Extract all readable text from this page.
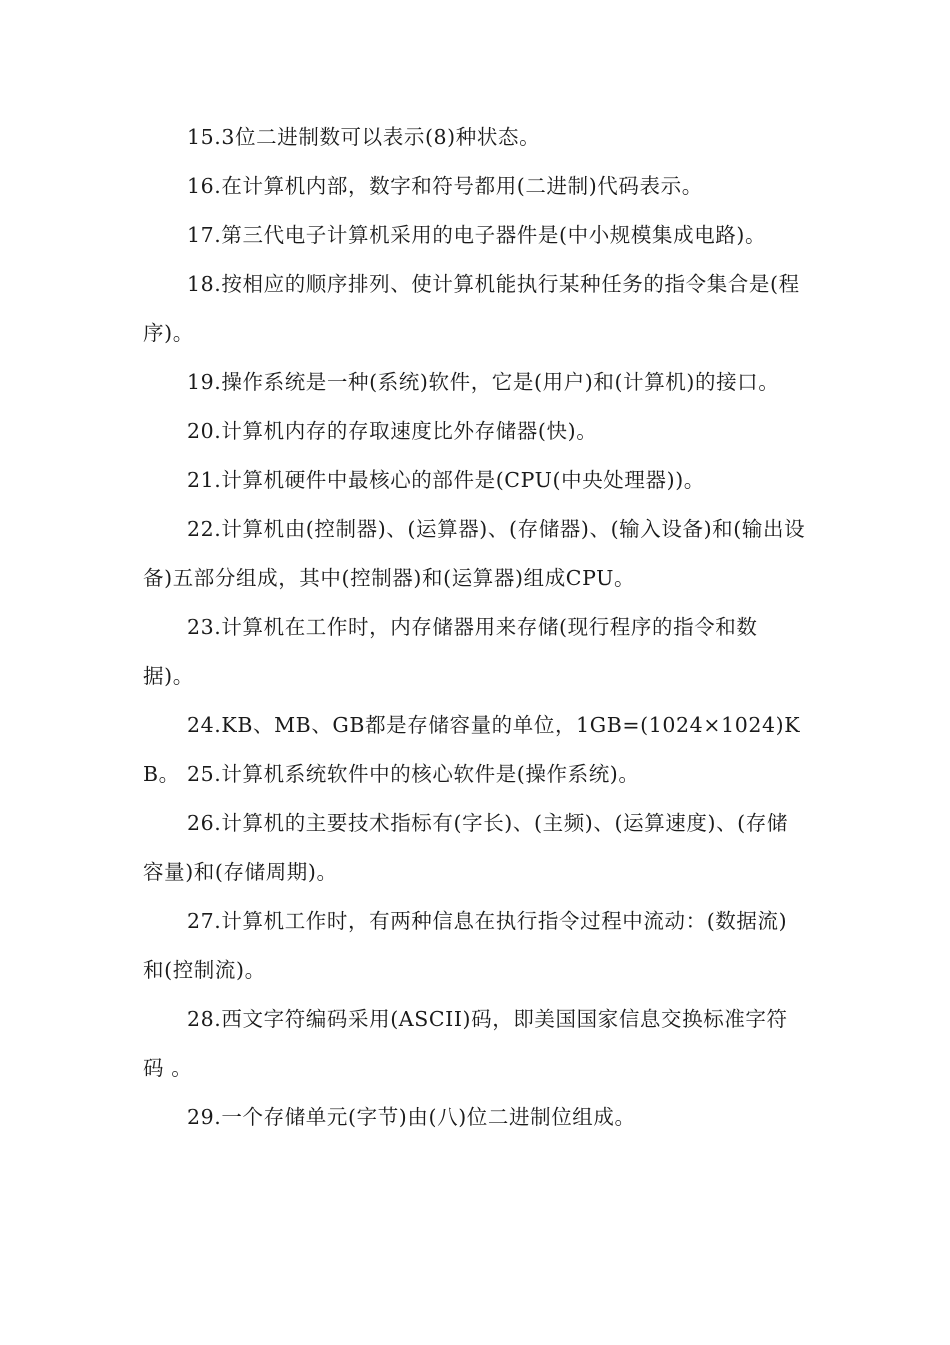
15.3位二进制数可以表示(8)种状态。

16.在计算机内部，数字和符号都用(二进制)代码表示。

17.第三代电子计算机采用的电子器件是(中小规模集成电路)。

18.按相应的顺序排列、使计算机能执行某种任务的指令集合是(程序)。

19.操作系统是一种(系统)软件，它是(用户)和(计算机)的接口。

20.计算机内存的存取速度比外存储器(快)。

21.计算机硬件中最核心的部件是(CPU(中央处理器))。

22.计算机由(控制器)、(运算器)、(存储器)、(输入设备)和(输出设备)五部分组成，其中(控制器)和(运算器)组成CPU。

23.计算机在工作时，内存储器用来存储(现行程序的指令和数据)。

24.KB、MB、GB都是存储容量的单位，1GB=(1024×1024)KB。 25.计算机系统软件中的核心软件是(操作系统)。

26.计算机的主要技术指标有(字长)、(主频)、(运算速度)、(存储容量)和(存储周期)。

27.计算机工作时，有两种信息在执行指令过程中流动：(数据流)和(控制流)。

28.西文字符编码采用(ASCII)码，即美国国家信息交换标准字符码 。

29.一个存储单元(字节)由(八)位二进制位组成。
